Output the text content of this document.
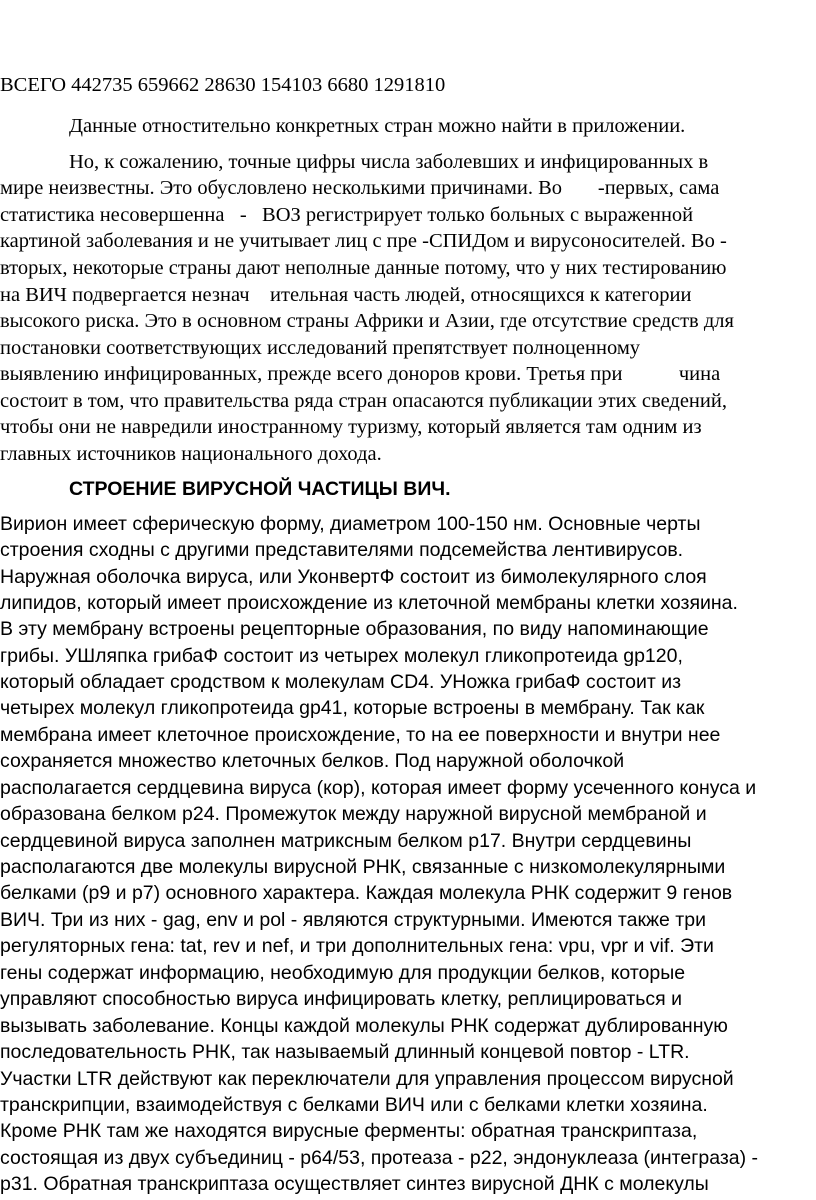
ВСЕГО 442735 659662 28630 154103 6680 1291810
Данные отностительно конкретных стран можно найти в приложении.
Но, к сожалению, точные цифры числа заболевших и инфицированных в
мире неизвестны. Это обусловлено несколькими причинами. Во       -первых, сама
статистика несовершенна   -   ВОЗ регистрирует только больных с выраженной
картиной заболевания и не учитывает лиц с пре -СПИДом и вирусоносителей. Во -
вторых, некоторые страны дают неполные данные потому, что у них тестированию
на ВИЧ подвергается незнач    ительная часть людей, относящихся к категории
высокого риска. Это в основном страны Африки и Азии, где отсутствие средств для
постановки соответствующих исследований препятствует полноценному
выявлению инфицированных, прежде всего доноров крови. Третья при           чина
состоит в том, что правительства ряда стран опасаются публикации этих сведений,
чтобы они не навредили иностранному туризму, который является там одним из
главных источников национального дохода.
СТРОЕНИЕ ВИРУСНОЙ ЧАСТИЦЫ ВИЧ.
Вирион имеет сферическую форму, диаметром 100-150 нм. Основные черты
строения сходны с другими представителями подсемейства лентивирусов.
Наружная оболочка вируса, или УконвертФ состоит из бимолекулярного слоя
липидов, который имеет происхождение из клеточной мембраны клетки хозяина.
В эту мембрану встроены рецепторные образования, по виду напоминающие
грибы. УШляпка грибаФ состоит из четырех молекул гликопротеида gp120,
который обладает сродством к молекулам CD4. УНожка грибаФ состоит из
четырех молекул гликопротеида gp41, которые встроены в мембрану. Так как
мембрана имеет клеточное происхождение, то на ее поверхности и внутри нее
сохраняется множество клеточных белков. Под наружной оболочкой
располагается сердцевина вируса (кор), которая имеет форму усеченного конуса и
образована белком р24. Промежуток между наружной вирусной мембраной и
сердцевиной вируса заполнен матриксным белком р17. Внутри сердцевины
располагаются две молекулы вирусной РНК, связанные с низкомолекулярными
белками (р9 и р7) основного характера. Каждая молекула РНК содержит 9 генов
ВИЧ. Три из них - gag, env и pol - являются структурными. Имеются также три
регуляторных гена: tat, rev и nef, и три дополнительных гена: vpu, vpr и vif. Эти
гены содержат информацию, необходимую для продукции белков, которые
управляют способностью вируса инфицировать клетку, реплицироваться и
вызывать заболевание. Концы каждой молекулы РНК содержат дублированную
последовательность РНК, так называемый длинный концевой повтор - LTR.
Участки LTR действуют как переключатели для управления процессом вирусной
транскрипции, взаимодействуя с белками ВИЧ или с белками клетки хозяина.
Кроме РНК там же находятся вирусные ферменты: обратная транскриптаза,
состоящая из двух субъединиц - р64/53, протеаза - р22, эндонуклеаза (интеграза) -
р31. Обратная транскриптаза осуществляет синтез вирусной ДНК с молекулы
